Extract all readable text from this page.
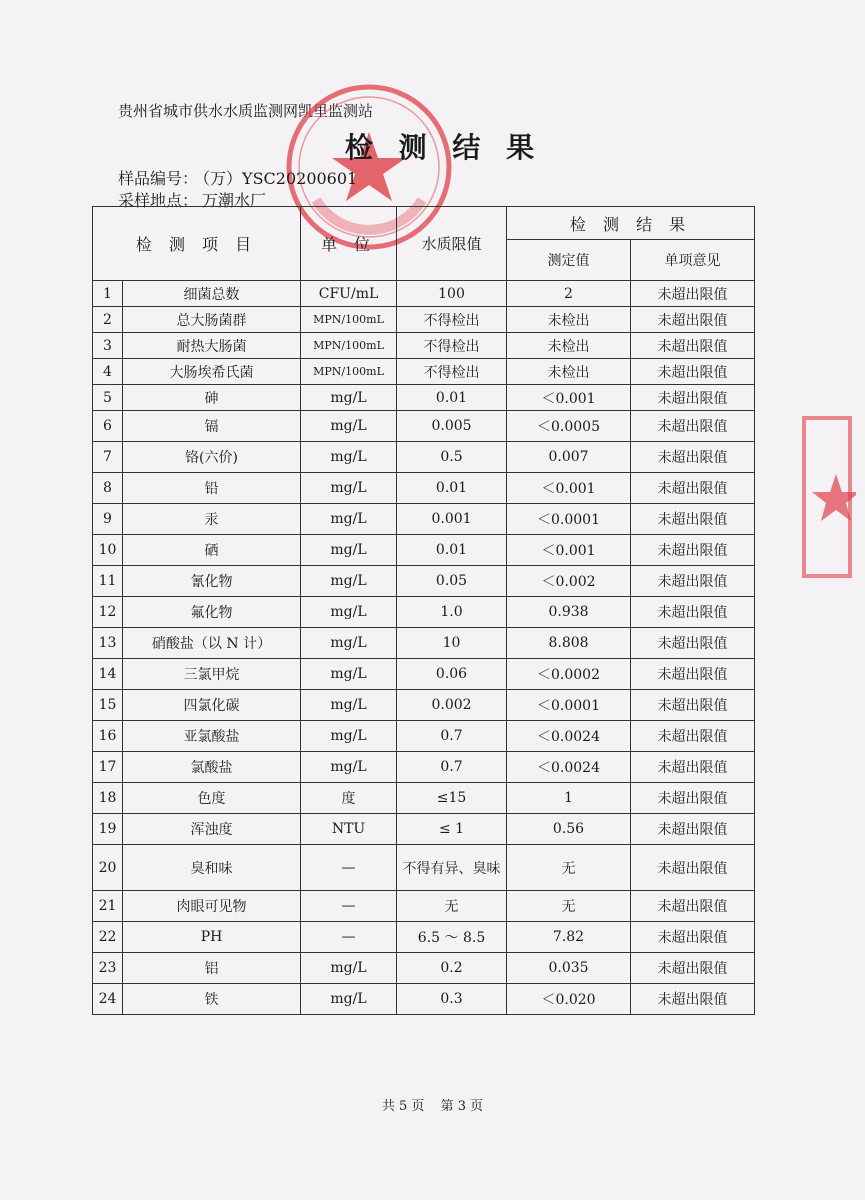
贵州省城市供水水质监测网凯里监测站
检 测 结 果
样品编号： （万）YSC20200601
采样地点： 万潮水厂
检 测 项 目		单 位	水质限值	检 测 结 果	
				测定值	单项意见
1	细菌总数	CFU/mL	100	2	未超出限值
2	总大肠菌群	MPN/100mL	不得检出	未检出	未超出限值
3	耐热大肠菌	MPN/100mL	不得检出	未检出	未超出限值
4	大肠埃希氏菌	MPN/100mL	不得检出	未检出	未超出限值
5	砷	mg/L	0.01	＜0.001	未超出限值
6	镉	mg/L	0.005	＜0.0005	未超出限值
7	铬(六价)	mg/L	0.5	0.007	未超出限值
8	铅	mg/L	0.01	＜0.001	未超出限值
9	汞	mg/L	0.001	＜0.0001	未超出限值
10	硒	mg/L	0.01	＜0.001	未超出限值
11	氰化物	mg/L	0.05	＜0.002	未超出限值
12	氟化物	mg/L	1.0	0.938	未超出限值
13	硝酸盐（以 N 计）	mg/L	10	8.808	未超出限值
14	三氯甲烷	mg/L	0.06	＜0.0002	未超出限值
15	四氯化碳	mg/L	0.002	＜0.0001	未超出限值
16	亚氯酸盐	mg/L	0.7	＜0.0024	未超出限值
17	氯酸盐	mg/L	0.7	＜0.0024	未超出限值
18	色度	度	≤15	1	未超出限值
19	浑浊度	NTU	≤ 1	0.56	未超出限值
20	臭和味	—	不得有异、臭味	无	未超出限值
21	肉眼可见物	—	无	无	未超出限值
22	PH	—	6.5 ～ 8.5	7.82	未超出限值
23	铝	mg/L	0.2	0.035	未超出限值
24	铁	mg/L	0.3	＜0.020	未超出限值
共 5 页 第 3 页
